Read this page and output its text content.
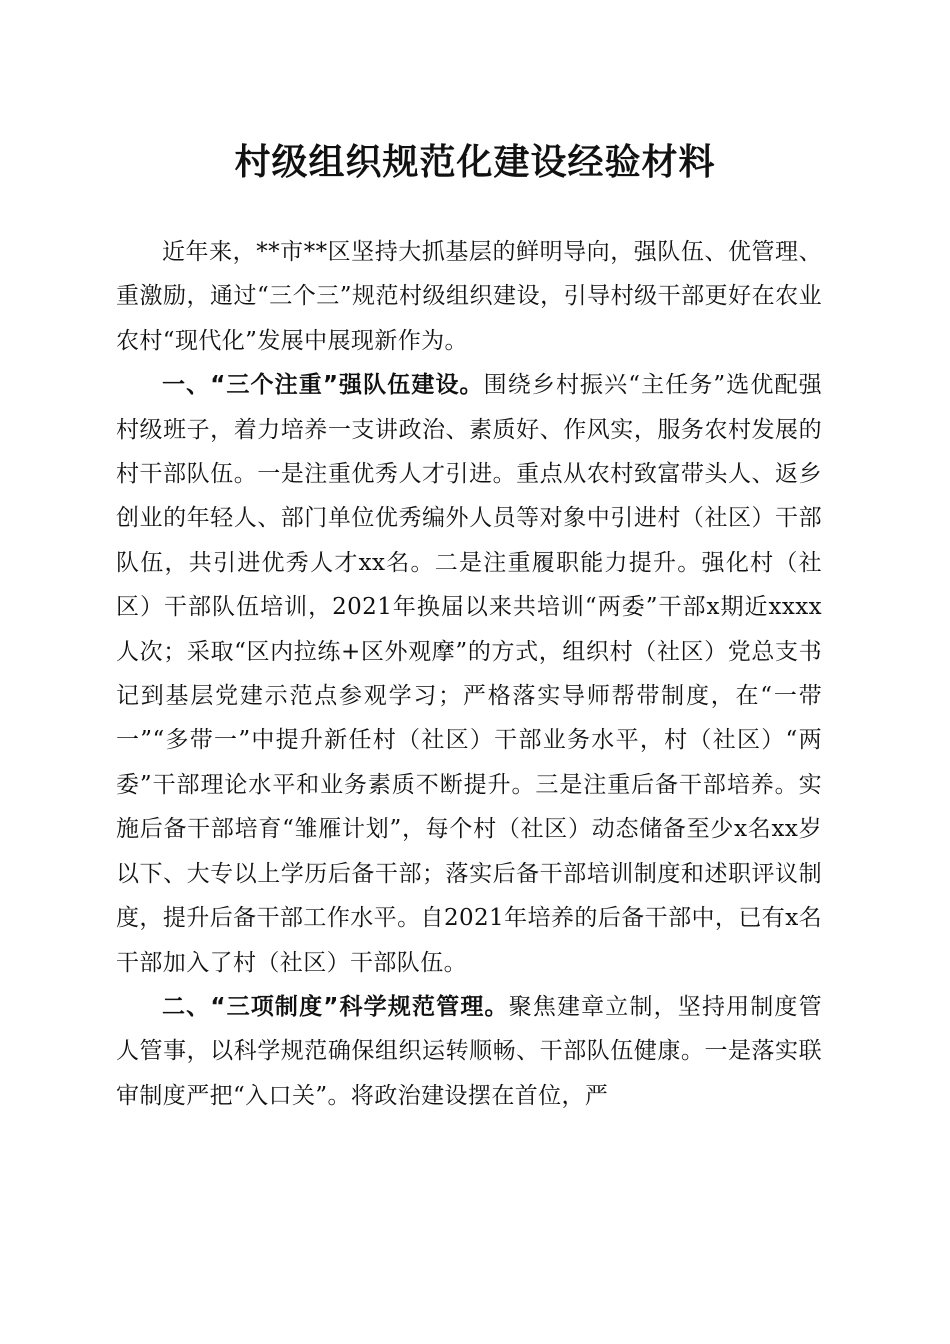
村级组织规范化建设经验材料

近年来，**市**区坚持大抓基层的鲜明导向，强队伍、优管理、重激励，通过“三个三”规范村级组织建设，引导村级干部更好在农业农村“现代化”发展中展现新作为。

一、“三个注重”强队伍建设。围绕乡村振兴“主任务”选优配强村级班子，着力培养一支讲政治、素质好、作风实，服务农村发展的村干部队伍。一是注重优秀人才引进。重点从农村致富带头人、返乡创业的年轻人、部门单位优秀编外人员等对象中引进村（社区）干部队伍，共引进优秀人才xx名。二是注重履职能力提升。强化村（社区）干部队伍培训，2021年换届以来共培训“两委”干部x期近xxxx人次；采取“区内拉练+区外观摩”的方式，组织村（社区）党总支书记到基层党建示范点参观学习；严格落实导师帮带制度，在“一带一”“多带一”中提升新任村（社区）干部业务水平，村（社区）“两委”干部理论水平和业务素质不断提升。三是注重后备干部培养。实施后备干部培育“雏雁计划”，每个村（社区）动态储备至少x名xx岁以下、大专以上学历后备干部；落实后备干部培训制度和述职评议制度，提升后备干部工作水平。自2021年培养的后备干部中，已有x名干部加入了村（社区）干部队伍。

二、“三项制度”科学规范管理。聚焦建章立制，坚持用制度管人管事，以科学规范确保组织运转顺畅、干部队伍健康。一是落实联审制度严把“入口关”。将政治建设摆在首位，严
